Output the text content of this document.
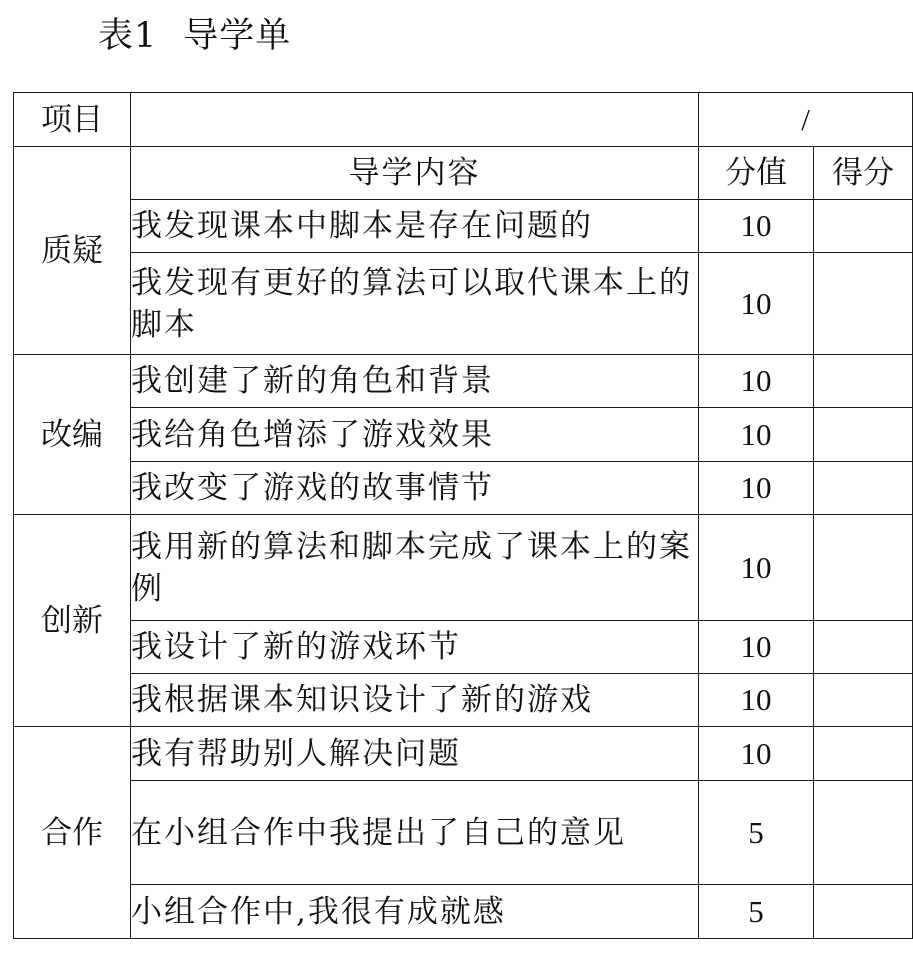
表1 导学单
项目		/	
质疑	导学内容	分值	得分
	我发现课本中脚本是存在问题的	10	
	我发现有更好的算法可以取代课本上的脚本	10	
改编	我创建了新的角色和背景	10	
	我给角色增添了游戏效果	10	
	我改变了游戏的故事情节	10	
创新	我用新的算法和脚本完成了课本上的案例	10	
	我设计了新的游戏环节	10	
	我根据课本知识设计了新的游戏	10	
合作	我有帮助别人解决问题	10	
	在小组合作中我提出了自己的意见	5	
	小组合作中,我很有成就感	5	
